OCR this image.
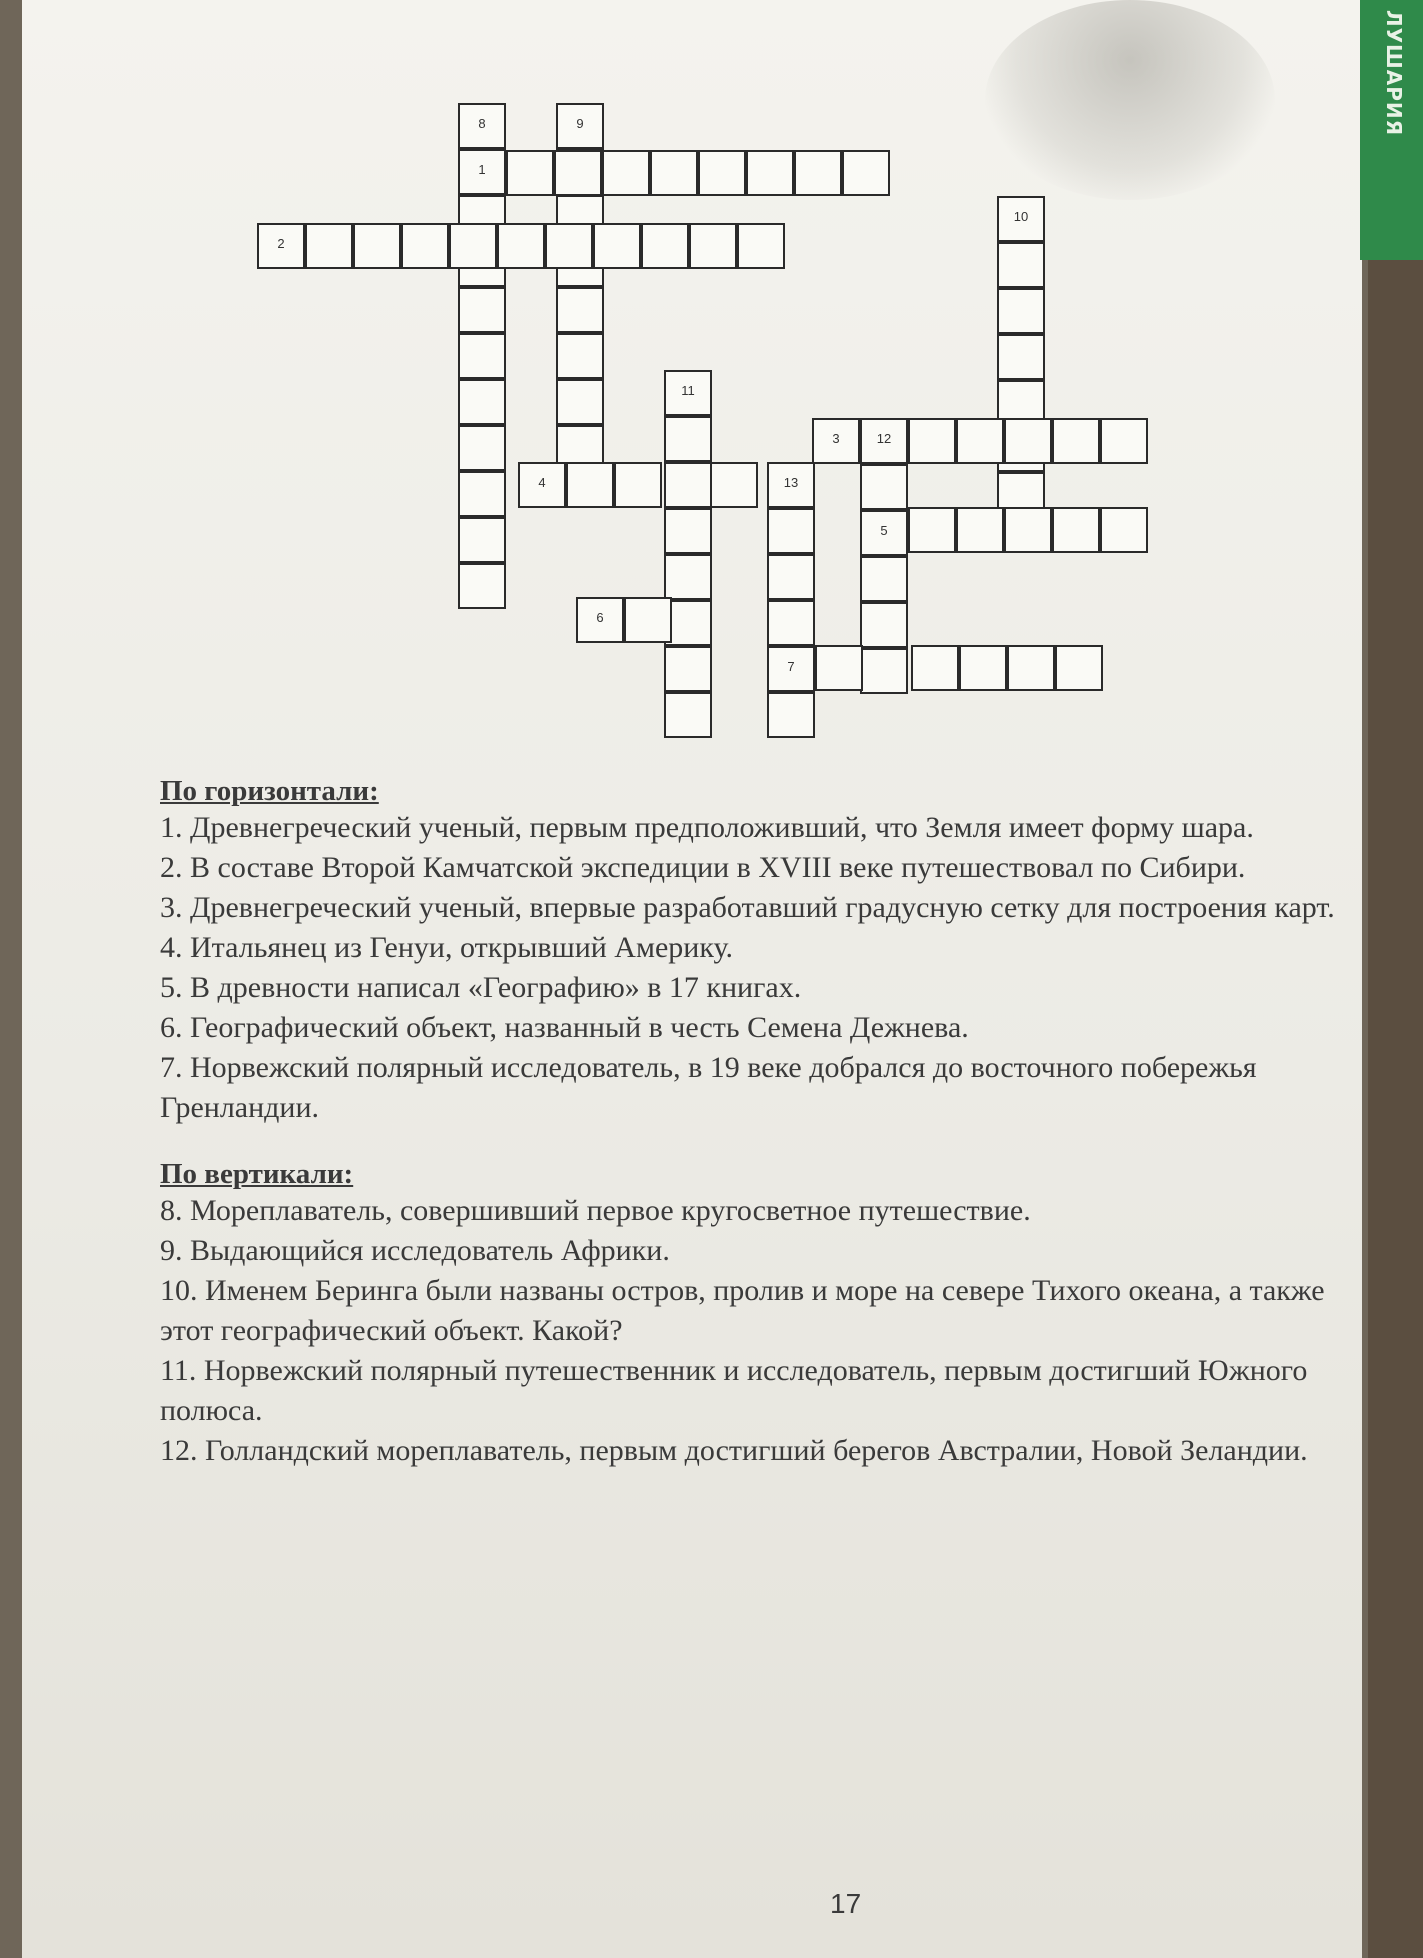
ЛУШАРИЯ
8
1
9
2
10
11
3	12
5
4	13
7
6

По горизонтали:

1. Древнегреческий ученый, первым предположивший, что Земля имеет форму шара.

2. В составе Второй Камчатской экспедиции в XVIII веке путешествовал по Сибири.

3. Древнегреческий ученый, впервые разработавший градусную сетку для построения карт.

4. Итальянец из Генуи, открывший Америку.

5. В древности написал «Географию» в 17 книгах.

6. Географический объект, названный в честь Семена Дежнева.

7. Норвежский полярный исследователь, в 19 веке добрался до восточного побережья Гренландии.

По вертикали:

8. Мореплаватель, совершивший первое кругосветное путешествие.

9. Выдающийся исследователь Африки.

10. Именем Беринга были названы остров, пролив и море на севере Тихого океана, а также этот географический объект. Какой?

11. Норвежский полярный путешественник и исследователь, первым достигший Южного полюса.

12. Голландский мореплаватель, первым достигший берегов Австралии, Новой Зеландии.

17
